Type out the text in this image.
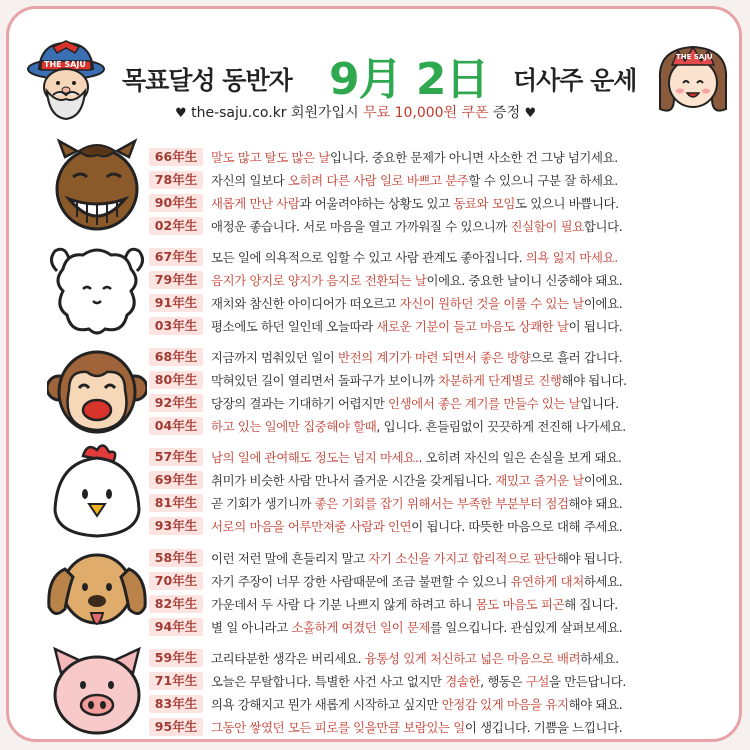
THE SAJU
THE SAJU
목표달성 동반자 9月 2日 더사주 운세
♥ the-saju.co.kr 회원가입시 무료 10,000원 쿠폰 증정 ♥
66年生	말도 많고 탈도 많은 날입니다. 중요한 문제가 아니면 사소한 건 그냥 넘기세요.
78年生	자신의 일보다 오히려 다른 사람 일로 바쁘고 분주할 수 있으니 구분 잘 하세요.
90年生	새롭게 만난 사람과 어울려야하는 상황도 있고 동료와 모임도 있으니 바쁩니다.
02年生	애정운 좋습니다. 서로 마음을 열고 가까워질 수 있으니까 진실함이 필요합니다.
67年生	모든 일에 의욕적으로 임할 수 있고 사람 관계도 좋아집니다. 의욕 잃지 마세요.
79年生	음지가 양지로 양지가 음지로 전환되는 날이에요. 중요한 날이니 신중해야 돼요.
91年生	재치와 참신한 아이디어가 떠오르고 자신이 원하던 것을 이룰 수 있는 날이에요.
03年生	평소에도 하던 일인데 오늘따라 새로운 기분이 들고 마음도 상쾌한 날이 됩니다.
68年生	지금까지 멈춰있던 일이 반전의 계기가 마련 되면서 좋은 방향으로 흘러 갑니다.
80年生	막혀있던 길이 열리면서 돌파구가 보이니까 차분하게 단계별로 진행해야 됩니다.
92年生	당장의 결과는 기대하기 어렵지만 인생에서 좋은 계기를 만들수 있는 날입니다.
04年生	하고 있는 일에만 집중해야 할때, 입니다. 흔들림없이 끗끗하게 전진해 나가세요.
57年生	남의 일에 관여해도 정도는 넘지 마세요.. 오히려 자신의 일은 손실을 보게 돼요.
69年生	취미가 비슷한 사람 만나서 즐거운 시간을 갖게됩니다. 재밌고 즐거운 날이에요.
81年生	곧 기회가 생기니까 좋은 기회를 잡기 위해서는 부족한 부분부터 점검해야 돼요.
93年生	서로의 마음을 어루만져줄 사람과 인연이 됩니다. 따뜻한 마음으로 대해 주세요.
58年生	이런 저런 말에 흔들리지 말고 자기 소신을 가지고 합리적으로 판단해야 됩니다.
70年生	자기 주장이 너무 강한 사람때문에 조금 불편할 수 있으니 유연하게 대처하세요.
82年生	가운데서 두 사람 다 기분 나쁘지 않게 하려고 하니 몸도 마음도 피곤해 집니다.
94年生	별 일 아니라고 소홀하게 여겼던 일이 문제를 일으킵니다. 관심있게 살펴보세요.
59年生	고리타분한 생각은 버리세요. 융통성 있게 처신하고 넓은 마음으로 배려하세요.
71年生	오늘은 무탈합니다. 특별한 사건 사고 없지만 경솔한, 행동은 구설을 만든답니다.
83年生	의욕 강해지고 뭔가 새롭게 시작하고 싶지만 안정감 있게 마음을 유지해야 돼요.
95年生	그동안 쌓였던 모든 피로를 잊을만큼 보람있는 일이 생깁니다. 기쁨을 느낍니다.
